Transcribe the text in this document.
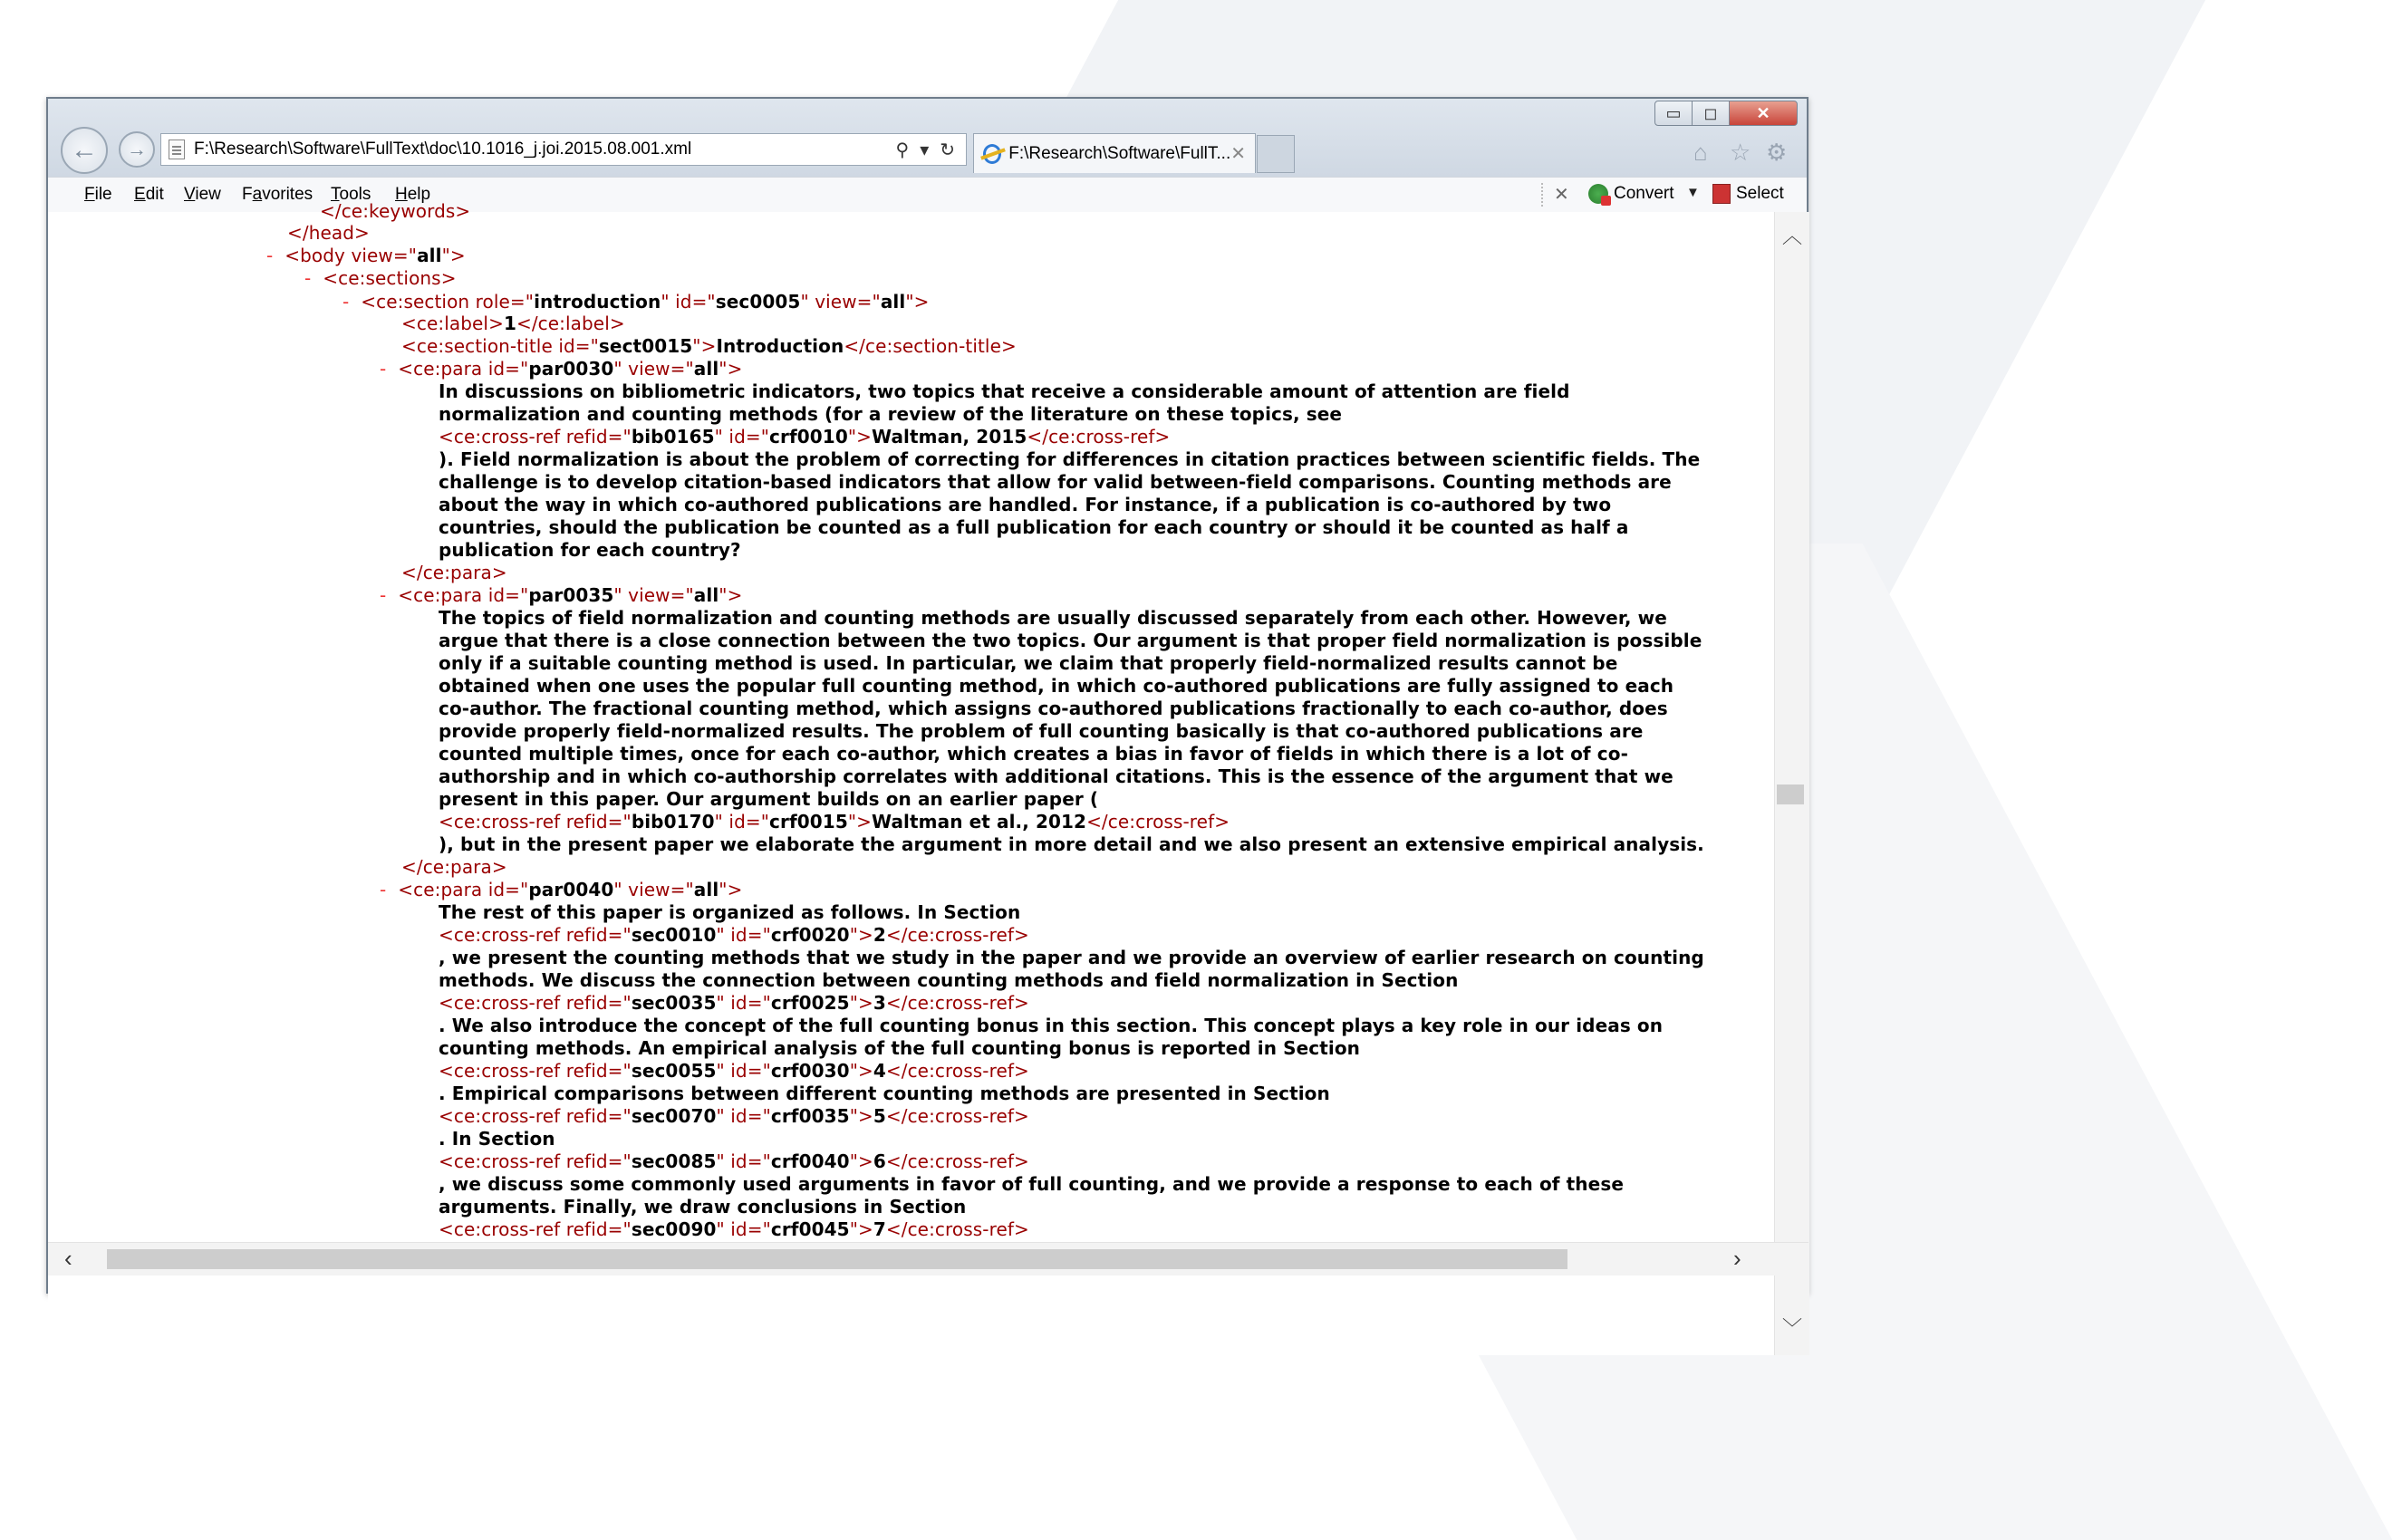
▭	◻	✕
← →	F:\Research\Software\FullText\doc\10.1016_j.joi.2015.08.001.xml	⚲ ▾ ↻	F:\Research\Software\FullT... ✕	⌂ ☆ ⚙
File Edit View Favorites Tools Help	✕	Convert ▼ Select
</ce:keywords>
</head>
- <body view="all">
- <ce:sections>
- <ce:section role="introduction" id="sec0005" view="all">
<ce:label>1</ce:label>
<ce:section-title id="sect0015">Introduction</ce:section-title>
- <ce:para id="par0030" view="all">
In discussions on bibliometric indicators, two topics that receive a considerable amount of attention are field
normalization and counting methods (for a review of the literature on these topics, see
<ce:cross-ref refid="bib0165" id="crf0010">Waltman, 2015</ce:cross-ref>
). Field normalization is about the problem of correcting for differences in citation practices between scientific fields. The
challenge is to develop citation-based indicators that allow for valid between-field comparisons. Counting methods are
about the way in which co-authored publications are handled. For instance, if a publication is co-authored by two
countries, should the publication be counted as a full publication for each country or should it be counted as half a
publication for each country?
</ce:para>
- <ce:para id="par0035" view="all">
The topics of field normalization and counting methods are usually discussed separately from each other. However, we
argue that there is a close connection between the two topics. Our argument is that proper field normalization is possible
only if a suitable counting method is used. In particular, we claim that properly field-normalized results cannot be
obtained when one uses the popular full counting method, in which co-authored publications are fully assigned to each
co-author. The fractional counting method, which assigns co-authored publications fractionally to each co-author, does
provide properly field-normalized results. The problem of full counting basically is that co-authored publications are
counted multiple times, once for each co-author, which creates a bias in favor of fields in which there is a lot of co-
authorship and in which co-authorship correlates with additional citations. This is the essence of the argument that we
present in this paper. Our argument builds on an earlier paper (
<ce:cross-ref refid="bib0170" id="crf0015">Waltman et al., 2012</ce:cross-ref>
), but in the present paper we elaborate the argument in more detail and we also present an extensive empirical analysis.
</ce:para>
- <ce:para id="par0040" view="all">
The rest of this paper is organized as follows. In Section
<ce:cross-ref refid="sec0010" id="crf0020">2</ce:cross-ref>
, we present the counting methods that we study in the paper and we provide an overview of earlier research on counting
methods. We discuss the connection between counting methods and field normalization in Section
<ce:cross-ref refid="sec0035" id="crf0025">3</ce:cross-ref>
. We also introduce the concept of the full counting bonus in this section. This concept plays a key role in our ideas on
counting methods. An empirical analysis of the full counting bonus is reported in Section
<ce:cross-ref refid="sec0055" id="crf0030">4</ce:cross-ref>
. Empirical comparisons between different counting methods are presented in Section
<ce:cross-ref refid="sec0070" id="crf0035">5</ce:cross-ref>
. In Section
<ce:cross-ref refid="sec0085" id="crf0040">6</ce:cross-ref>
, we discuss some commonly used arguments in favor of full counting, and we provide a response to each of these
arguments. Finally, we draw conclusions in Section
<ce:cross-ref refid="sec0090" id="crf0045">7</ce:cross-ref>
︿
﹀
‹	›
